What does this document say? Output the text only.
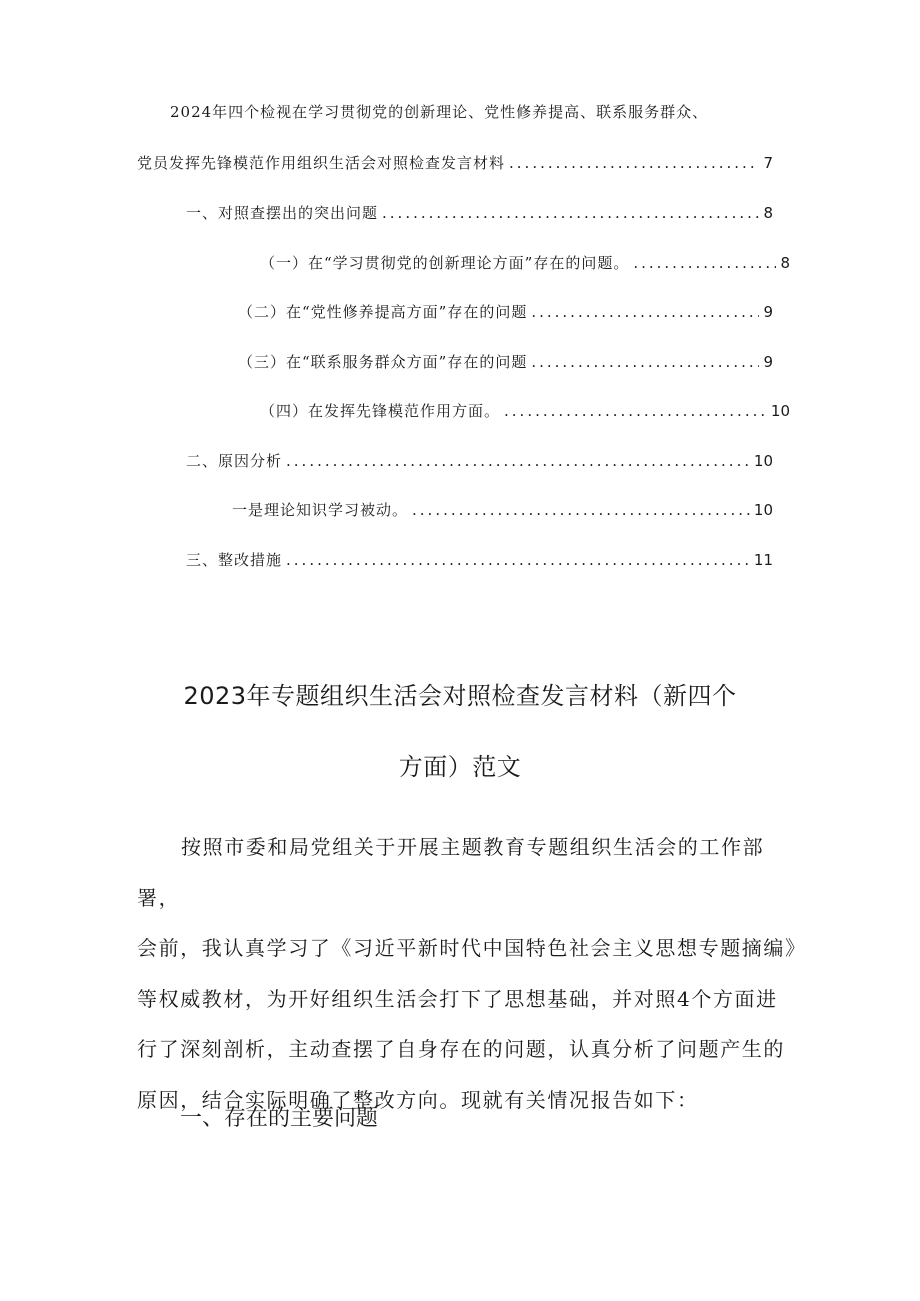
2024年四个检视在学习贯彻党的创新理论、党性修养提高、联系服务群众、
党员发挥先锋模范作用组织生活会对照检查发言材料 .....	7
一、对照查摆出的突出问题 .....	8
（一）在“学习贯彻党的创新理论方面”存在的问题。 .....	8
（二）在“党性修养提高方面”存在的问题 .....	9
（三）在“联系服务群众方面”存在的问题 .....	9
（四）在发挥先锋模范作用方面。 .....	10
二、原因分析 .....	10
一是理论知识学习被动。 .....	10
三、整改措施 .....	11
2023年专题组织生活会对照检查发言材料（新四个
方面）范文

按照市委和局党组关于开展主题教育专题组织生活会的工作部署，

会前，我认真学习了《习近平新时代中国特色社会主义思想专题摘编》

等权威教材，为开好组织生活会打下了思想基础，并对照4个方面进

行了深刻剖析，主动查摆了自身存在的问题，认真分析了问题产生的

原因，结合实际明确了整改方向。现就有关情况报告如下：

一、存在的主要问题
